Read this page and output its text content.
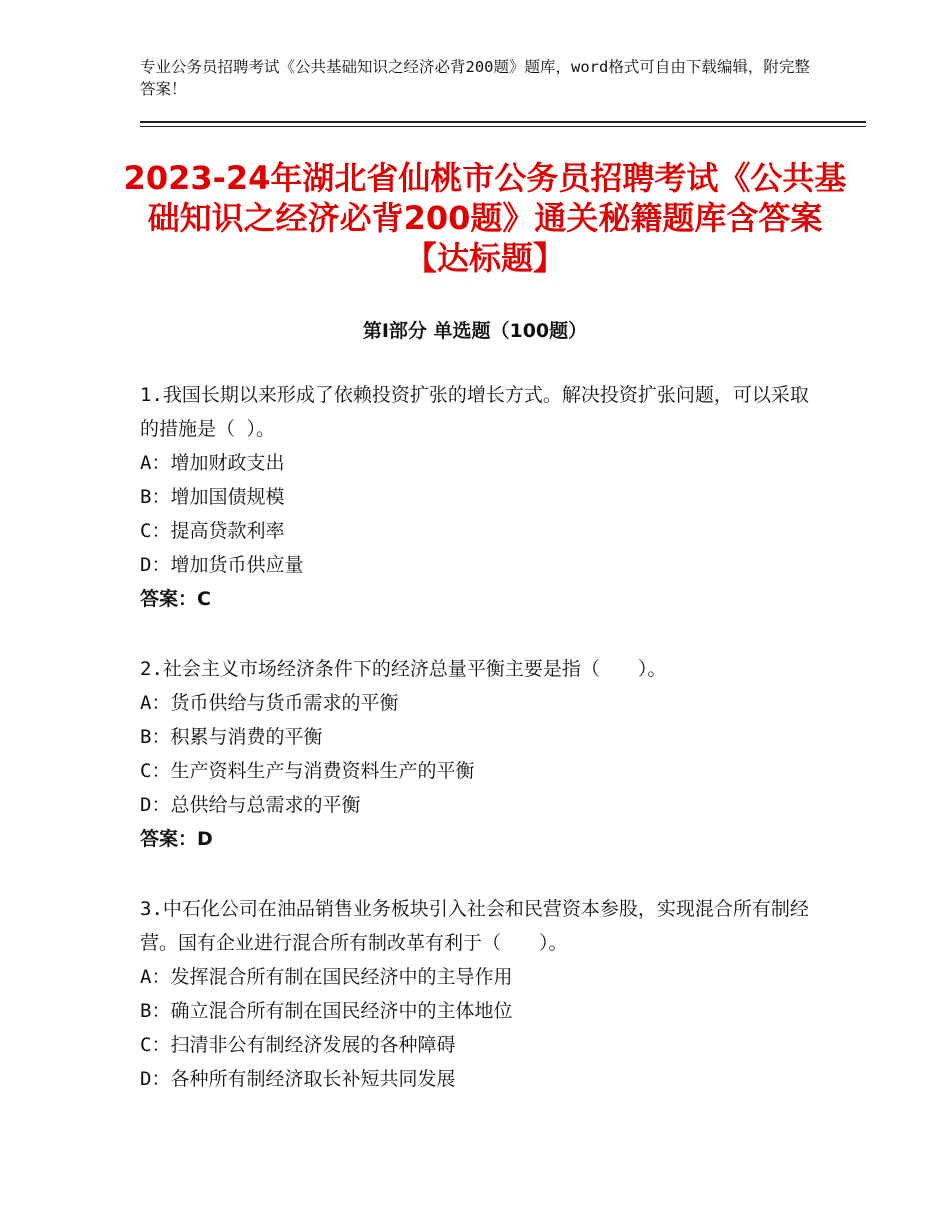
专业公务员招聘考试《公共基础知识之经济必背200题》题库，word格式可自由下载编辑，附完整答案！
2023-24年湖北省仙桃市公务员招聘考试《公共基础知识之经济必背200题》通关秘籍题库含答案【达标题】
第Ⅰ部分 单选题（100题）
1.我国长期以来形成了依赖投资扩张的增长方式。解决投资扩张问题，可以采取的措施是（ ）。
A：增加财政支出
B：增加国债规模
C：提高贷款利率
D：增加货币供应量
答案：C
2.社会主义市场经济条件下的经济总量平衡主要是指（　　）。
A：货币供给与货币需求的平衡
B：积累与消费的平衡
C：生产资料生产与消费资料生产的平衡
D：总供给与总需求的平衡
答案：D
3.中石化公司在油品销售业务板块引入社会和民营资本参股，实现混合所有制经营。国有企业进行混合所有制改革有利于（　　）。
A：发挥混合所有制在国民经济中的主导作用
B：确立混合所有制在国民经济中的主体地位
C：扫清非公有制经济发展的各种障碍
D：各种所有制经济取长补短共同发展
